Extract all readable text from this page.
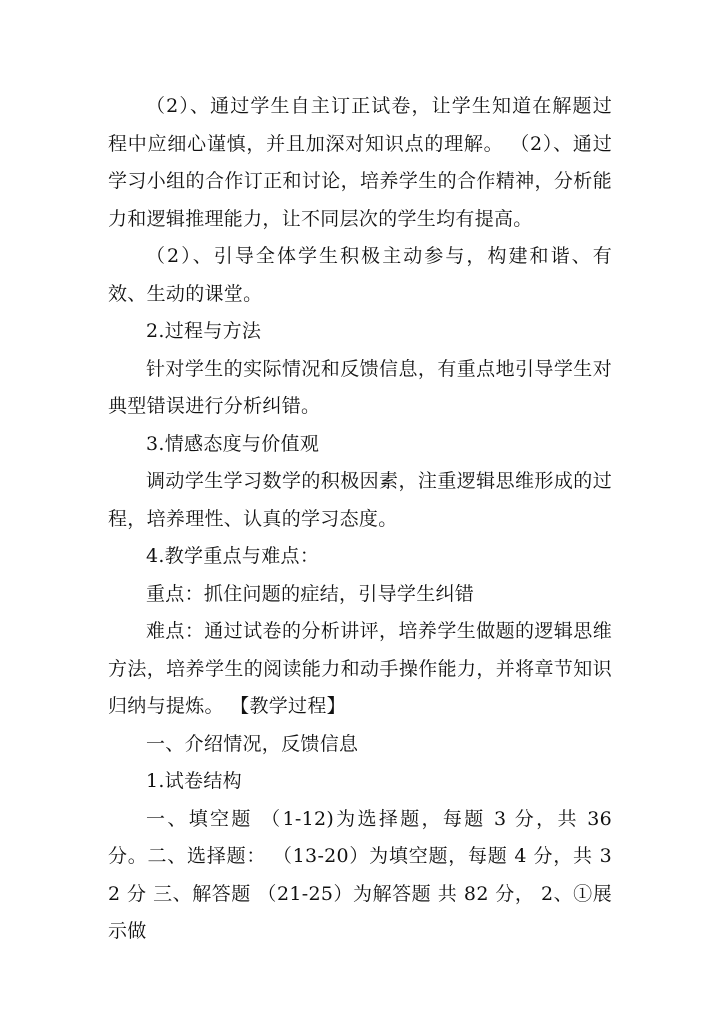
（2）、通过学生自主订正试卷，让学生知道在解题过程中应细心谨慎，并且加深对知识点的理解。 （2）、通过学习小组的合作订正和讨论，培养学生的合作精神，分析能力和逻辑推理能力，让不同层次的学生均有提高。

（2）、引导全体学生积极主动参与，构建和谐、有效、生动的课堂。

2.过程与方法

针对学生的实际情况和反馈信息，有重点地引导学生对典型错误进行分析纠错。

3.情感态度与价值观

调动学生学习数学的积极因素，注重逻辑思维形成的过程，培养理性、认真的学习态度。

4.教学重点与难点：

重点：抓住问题的症结，引导学生纠错

难点：通过试卷的分析讲评，培养学生做题的逻辑思维方法，培养学生的阅读能力和动手操作能力，并将章节知识归纳与提炼。 【教学过程】

一、介绍情况，反馈信息

1.试卷结构

一、填空题 （1-12)为选择题，每题 3 分，共 36 分。二、选择题： （13-20）为填空题，每题 4 分，共 32 分 三、解答题 （21-25）为解答题 共 82 分， 2、①展示做
